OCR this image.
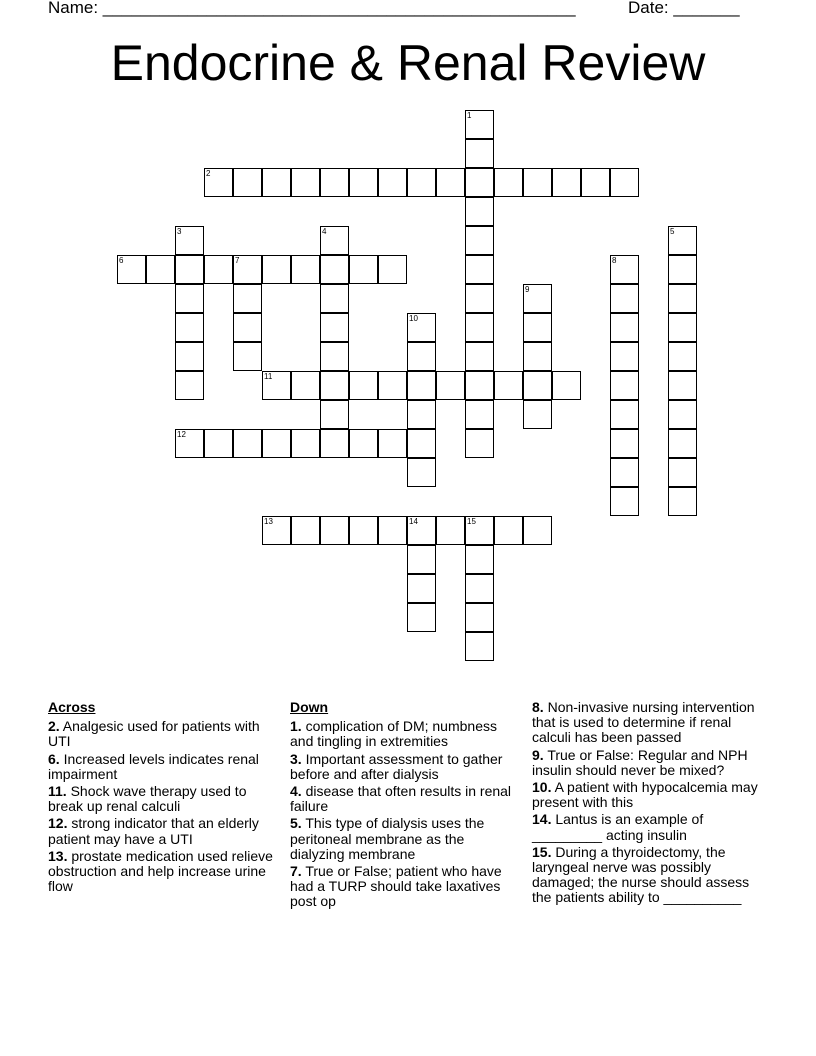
Name: __________________________________________________	Date: _______
Endocrine & Renal Review
1
2
3	4	5
6	7	8
9
10
11
12
13	14	15
Across
2. Analgesic used for patients with UTI
6. Increased levels indicates renal impairment
11. Shock wave therapy used to break up renal calculi
12. strong indicator that an elderly patient may have a UTI
13. prostate medication used relieve obstruction and help increase urine flow
Down
1. complication of DM; numbness and tingling in extremities
3. Important assessment to gather before and after dialysis
4. disease that often results in renal failure
5. This type of dialysis uses the peritoneal membrane as the dialyzing membrane
7. True or False; patient who have had a TURP should take laxatives post op
8. Non-invasive nursing intervention that is used to determine if renal calculi has been passed
9. True or False: Regular and NPH insulin should never be mixed?
10. A patient with hypocalcemia may present with this
14. Lantus is an example of _________ acting insulin
15. During a thyroidectomy, the laryngeal nerve was possibly damaged; the nurse should assess the patients ability to __________
